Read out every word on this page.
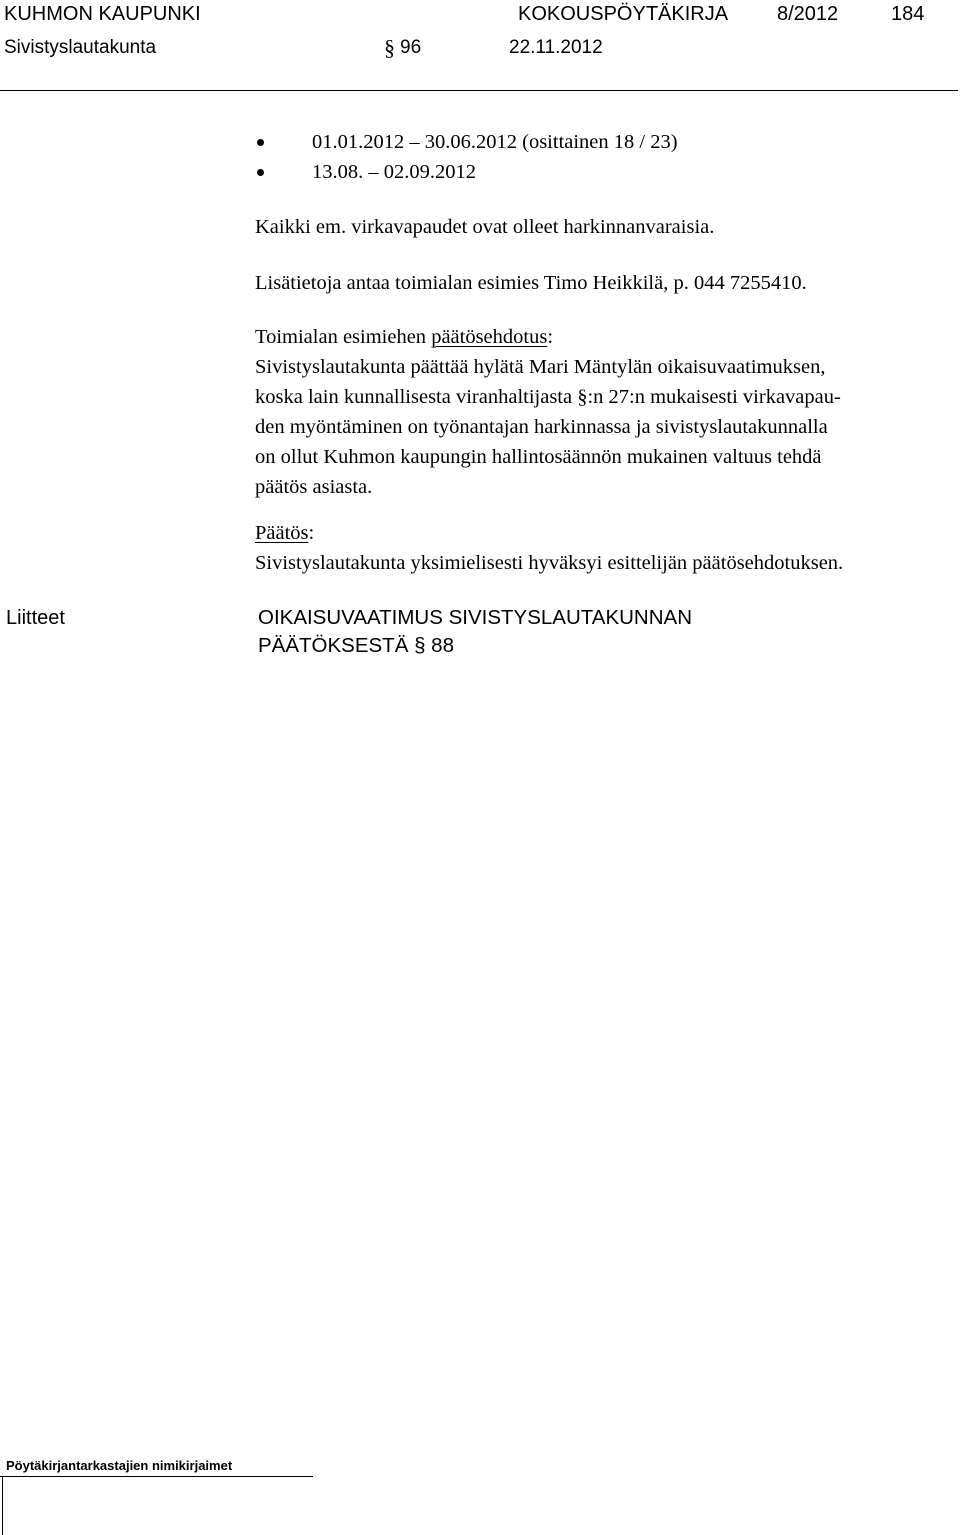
KUHMON KAUPUNKI	KOKOUSPÖYTÄKIRJA 8/2012	184
Sivistyslautakunta	§ 96	22.11.2012
01.01.2012 – 30.06.2012 (osittainen 18 / 23)
13.08. – 02.09.2012
Kaikki em. virkavapaudet ovat olleet harkinnanvaraisia.
Lisätietoja antaa toimialan esimies Timo Heikkilä, p. 044 7255410.
Toimialan esimiehen päätösehdotus:
Sivistyslautakunta päättää hylätä Mari Mäntylän oikaisuvaatimuksen,
koska lain kunnallisesta viranhaltijasta §:n 27:n mukaisesti virkavapau-
den myöntäminen on työnantajan harkinnassa ja sivistyslautakunnalla
on ollut Kuhmon kaupungin hallintosäännön mukainen valtuus tehdä
päätös asiasta.
Päätös:
Sivistyslautakunta yksimielisesti hyväksyi esittelijän päätösehdotuksen.
Liitteet	OIKAISUVAATIMUS SIVISTYSLAUTAKUNNAN
PÄÄTÖKSESTÄ § 88
Pöytäkirjantarkastajien nimikirjaimet
